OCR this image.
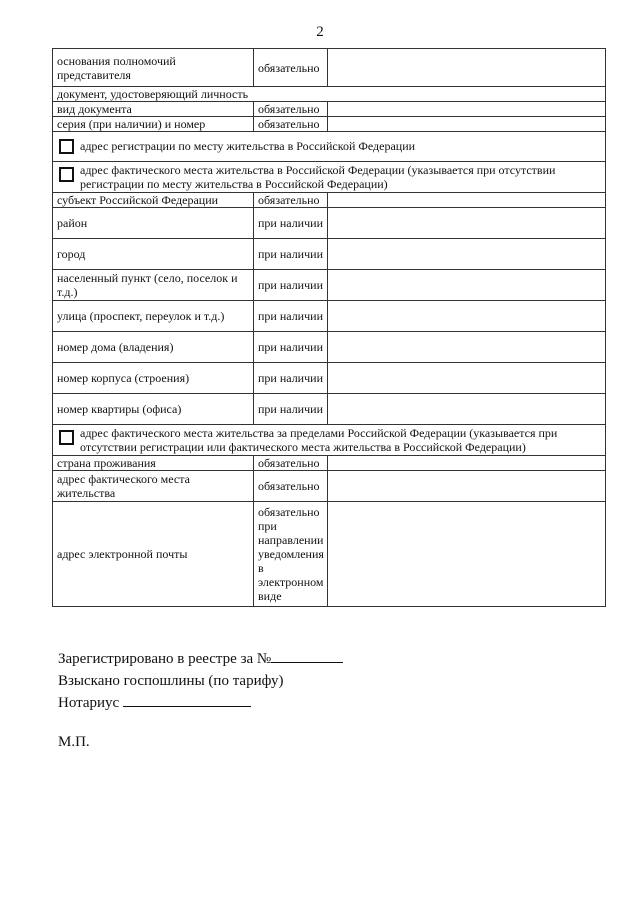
2
основания полномочий представителя	обязательно	
документ, удостоверяющий личность		
вид документа	обязательно	
серия (при наличии) и номер	обязательно	
адрес регистрации по месту жительства в Российской Федерации		

адрес фактического места жительства в Российской Федерации (указывается при отсутствии регистрации по месту жительства в Российской Федерации)		

субъект Российской Федерации	обязательно	
район	при наличии	
город	при наличии	
населенный пункт (село, поселок и т.д.)	при наличии	
улица (проспект, переулок и т.д.)	при наличии	
номер дома (владения)	при наличии	
номер корпуса (строения)	при наличии	
номер квартиры (офиса)	при наличии	

адрес фактического места жительства за пределами Российской Федерации (указывается при отсутствии регистрации или фактического места жительства в Российской Федерации)		

страна проживания	обязательно	
адрес фактического места жительства	обязательно	
адрес электронной почты	обязательно при направлении уведомления в электронном виде	
Зарегистрировано в реестре за №
Взыскано госпошлины (по тарифу)
Нотариус
М.П.
